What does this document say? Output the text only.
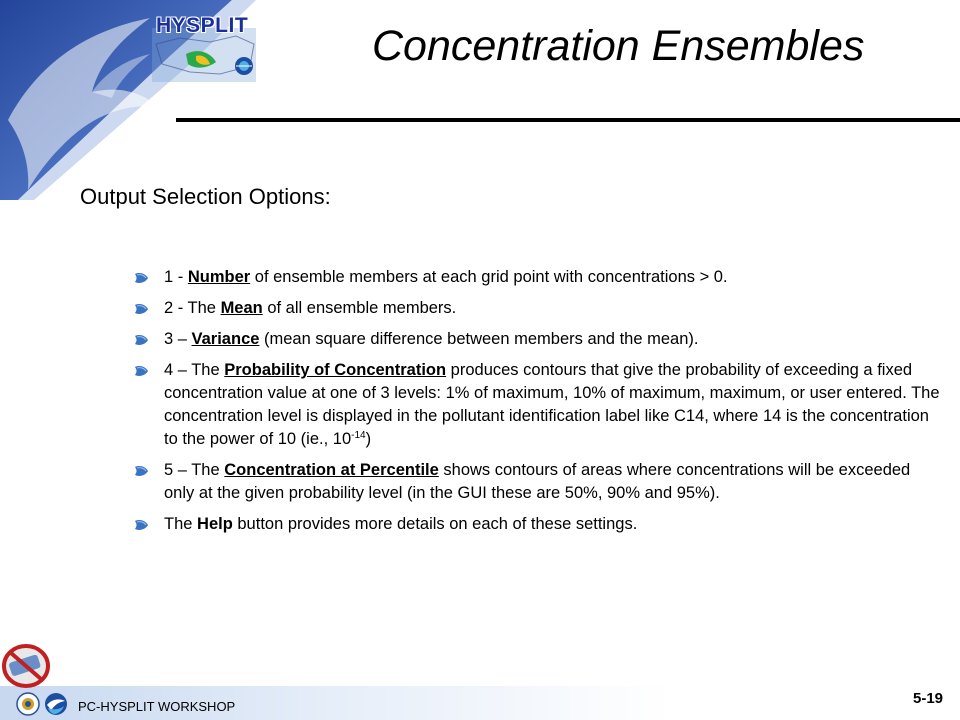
HYSPLIT	Concentration Ensembles
Output Selection Options:
1 - Number of ensemble members at each grid point with concentrations > 0.
2 - The Mean of all ensemble members.
3 – Variance (mean square difference between members and the mean).
4 – The Probability of Concentration produces contours that give the probability of exceeding a fixed concentration value at one of 3 levels: 1% of maximum, 10% of maximum, maximum, or user entered. The concentration level is displayed in the pollutant identification label like C14, where 14 is the concentration to the power of 10 (ie., $10^{-14}$)
5 – The Concentration at Percentile shows contours of areas where concentrations will be exceeded only at the given probability level (in the GUI these are 50%, 90% and 95%).
The Help button provides more details on each of these settings.
PC-HYSPLIT WORKSHOP	5-19
